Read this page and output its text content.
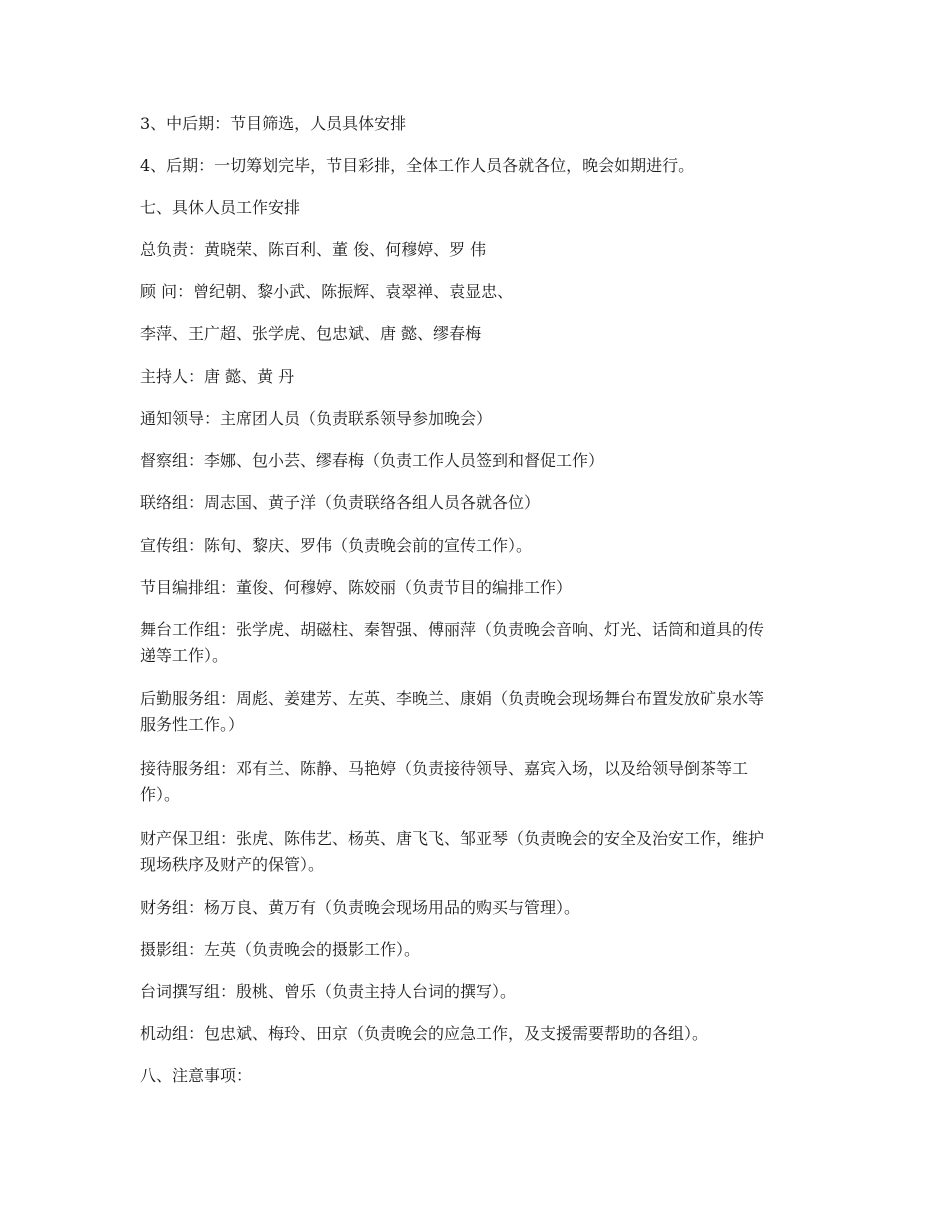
3、中后期：节目筛选，人员具体安排
4、后期：一切筹划完毕，节目彩排，全体工作人员各就各位，晚会如期进行。
七、具休人员工作安排
总负责：黄晓荣、陈百利、董 俊、何穆婷、罗 伟
顾 问：曾纪朝、黎小武、陈振辉、袁翠禅、袁显忠、
李萍、王广超、张学虎、包忠斌、唐 懿、缪春梅
主持人：唐 懿、黄 丹
通知领导：主席团人员（负责联系领导参加晚会）
督察组：李娜、包小芸、缪春梅（负责工作人员签到和督促工作）
联络组：周志国、黄子洋（负责联络各组人员各就各位）
宣传组：陈旬、黎庆、罗伟（负责晚会前的宣传工作）。
节目编排组：董俊、何穆婷、陈姣丽（负责节目的编排工作）
舞台工作组：张学虎、胡磁柱、秦智强、傅丽萍（负责晚会音响、灯光、话筒和道具的传
递等工作）。
后勤服务组：周彪、姜建芳、左英、李晚兰、康娟（负责晚会现场舞台布置发放矿泉水等
服务性工作。）
接待服务组：邓有兰、陈静、马艳婷（负责接待领导、嘉宾入场，以及给领导倒茶等工
作）。
财产保卫组：张虎、陈伟艺、杨英、唐飞飞、邹亚琴（负责晚会的安全及治安工作，维护
现场秩序及财产的保管）。
财务组：杨万良、黄万有（负责晚会现场用品的购买与管理）。
摄影组：左英（负责晚会的摄影工作）。
台词撰写组：殷桃、曾乐（负责主持人台词的撰写）。
机动组：包忠斌、梅玲、田京（负责晚会的应急工作，及支援需要帮助的各组）。
八、注意事项：
